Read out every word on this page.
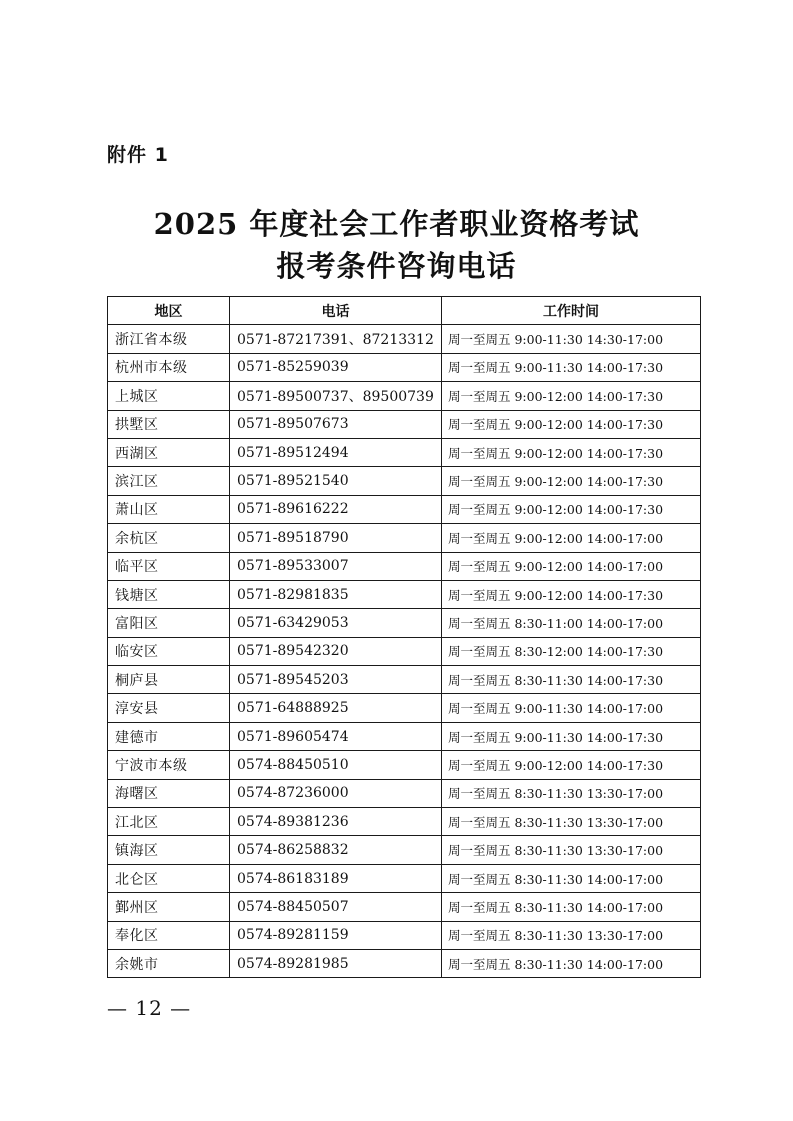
附件 1
2025 年度社会工作者职业资格考试
报考条件咨询电话
地区	电话	工作时间
浙江省本级	0571-87217391、87213312	周一至周五 9:00-11:30 14:30-17:00
杭州市本级	0571-85259039	周一至周五 9:00-11:30 14:00-17:30
上城区	0571-89500737、89500739	周一至周五 9:00-12:00 14:00-17:30
拱墅区	0571-89507673	周一至周五 9:00-12:00 14:00-17:30
西湖区	0571-89512494	周一至周五 9:00-12:00 14:00-17:30
滨江区	0571-89521540	周一至周五 9:00-12:00 14:00-17:30
萧山区	0571-89616222	周一至周五 9:00-12:00 14:00-17:30
余杭区	0571-89518790	周一至周五 9:00-12:00 14:00-17:00
临平区	0571-89533007	周一至周五 9:00-12:00 14:00-17:00
钱塘区	0571-82981835	周一至周五 9:00-12:00 14:00-17:30
富阳区	0571-63429053	周一至周五 8:30-11:00 14:00-17:00
临安区	0571-89542320	周一至周五 8:30-12:00 14:00-17:30
桐庐县	0571-89545203	周一至周五 8:30-11:30 14:00-17:30
淳安县	0571-64888925	周一至周五 9:00-11:30 14:00-17:00
建德市	0571-89605474	周一至周五 9:00-11:30 14:00-17:30
宁波市本级	0574-88450510	周一至周五 9:00-12:00 14:00-17:30
海曙区	0574-87236000	周一至周五 8:30-11:30 13:30-17:00
江北区	0574-89381236	周一至周五 8:30-11:30 13:30-17:00
镇海区	0574-86258832	周一至周五 8:30-11:30 13:30-17:00
北仑区	0574-86183189	周一至周五 8:30-11:30 14:00-17:00
鄞州区	0574-88450507	周一至周五 8:30-11:30 14:00-17:00
奉化区	0574-89281159	周一至周五 8:30-11:30 13:30-17:00
余姚市	0574-89281985	周一至周五 8:30-11:30 14:00-17:00
— 12 —
